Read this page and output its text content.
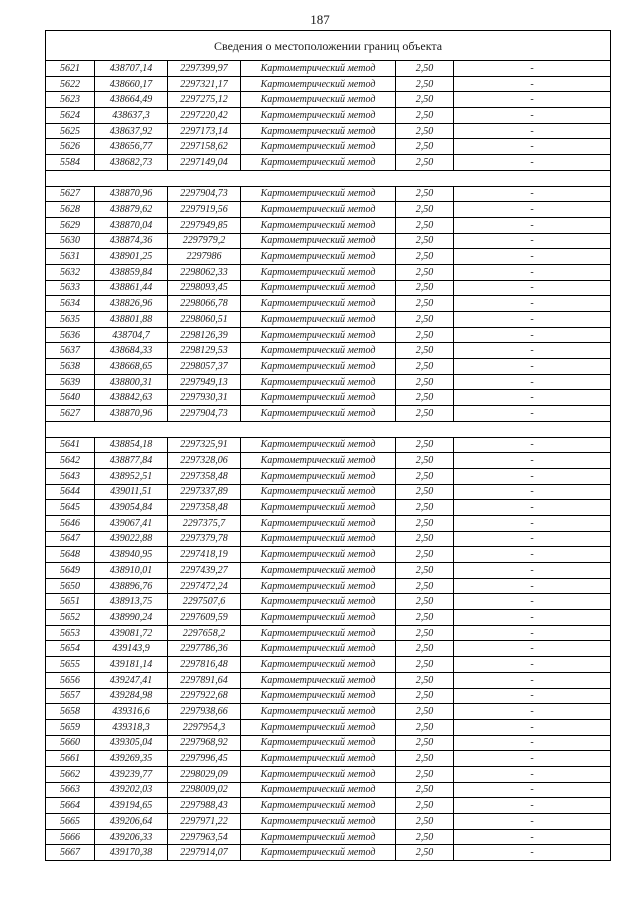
187
Сведения о местоположении границ объекта					
5621	438707,14	2297399,97	Картометрический метод	2,50	-
5622	438660,17	2297321,17	Картометрический метод	2,50	-
5623	438664,49	2297275,12	Картометрический метод	2,50	-
5624	438637,3	2297220,42	Картометрический метод	2,50	-
5625	438637,92	2297173,14	Картометрический метод	2,50	-
5626	438656,77	2297158,62	Картометрический метод	2,50	-
5584	438682,73	2297149,04	Картометрический метод	2,50	-

5627	438870,96	2297904,73	Картометрический метод	2,50	-
5628	438879,62	2297919,56	Картометрический метод	2,50	-
5629	438870,04	2297949,85	Картометрический метод	2,50	-
5630	438874,36	2297979,2	Картометрический метод	2,50	-
5631	438901,25	2297986	Картометрический метод	2,50	-
5632	438859,84	2298062,33	Картометрический метод	2,50	-
5633	438861,44	2298093,45	Картометрический метод	2,50	-
5634	438826,96	2298066,78	Картометрический метод	2,50	-
5635	438801,88	2298060,51	Картометрический метод	2,50	-
5636	438704,7	2298126,39	Картометрический метод	2,50	-
5637	438684,33	2298129,53	Картометрический метод	2,50	-
5638	438668,65	2298057,37	Картометрический метод	2,50	-
5639	438800,31	2297949,13	Картометрический метод	2,50	-
5640	438842,63	2297930,31	Картометрический метод	2,50	-
5627	438870,96	2297904,73	Картометрический метод	2,50	-

5641	438854,18	2297325,91	Картометрический метод	2,50	-
5642	438877,84	2297328,06	Картометрический метод	2,50	-
5643	438952,51	2297358,48	Картометрический метод	2,50	-
5644	439011,51	2297337,89	Картометрический метод	2,50	-
5645	439054,84	2297358,48	Картометрический метод	2,50	-
5646	439067,41	2297375,7	Картометрический метод	2,50	-
5647	439022,88	2297379,78	Картометрический метод	2,50	-
5648	438940,95	2297418,19	Картометрический метод	2,50	-
5649	438910,01	2297439,27	Картометрический метод	2,50	-
5650	438896,76	2297472,24	Картометрический метод	2,50	-
5651	438913,75	2297507,6	Картометрический метод	2,50	-
5652	438990,24	2297609,59	Картометрический метод	2,50	-
5653	439081,72	2297658,2	Картометрический метод	2,50	-
5654	439143,9	2297786,36	Картометрический метод	2,50	-
5655	439181,14	2297816,48	Картометрический метод	2,50	-
5656	439247,41	2297891,64	Картометрический метод	2,50	-
5657	439284,98	2297922,68	Картометрический метод	2,50	-
5658	439316,6	2297938,66	Картометрический метод	2,50	-
5659	439318,3	2297954,3	Картометрический метод	2,50	-
5660	439305,04	2297968,92	Картометрический метод	2,50	-
5661	439269,35	2297996,45	Картометрический метод	2,50	-
5662	439239,77	2298029,09	Картометрический метод	2,50	-
5663	439202,03	2298009,02	Картометрический метод	2,50	-
5664	439194,65	2297988,43	Картометрический метод	2,50	-
5665	439206,64	2297971,22	Картометрический метод	2,50	-
5666	439206,33	2297963,54	Картометрический метод	2,50	-
5667	439170,38	2297914,07	Картометрический метод	2,50	-
